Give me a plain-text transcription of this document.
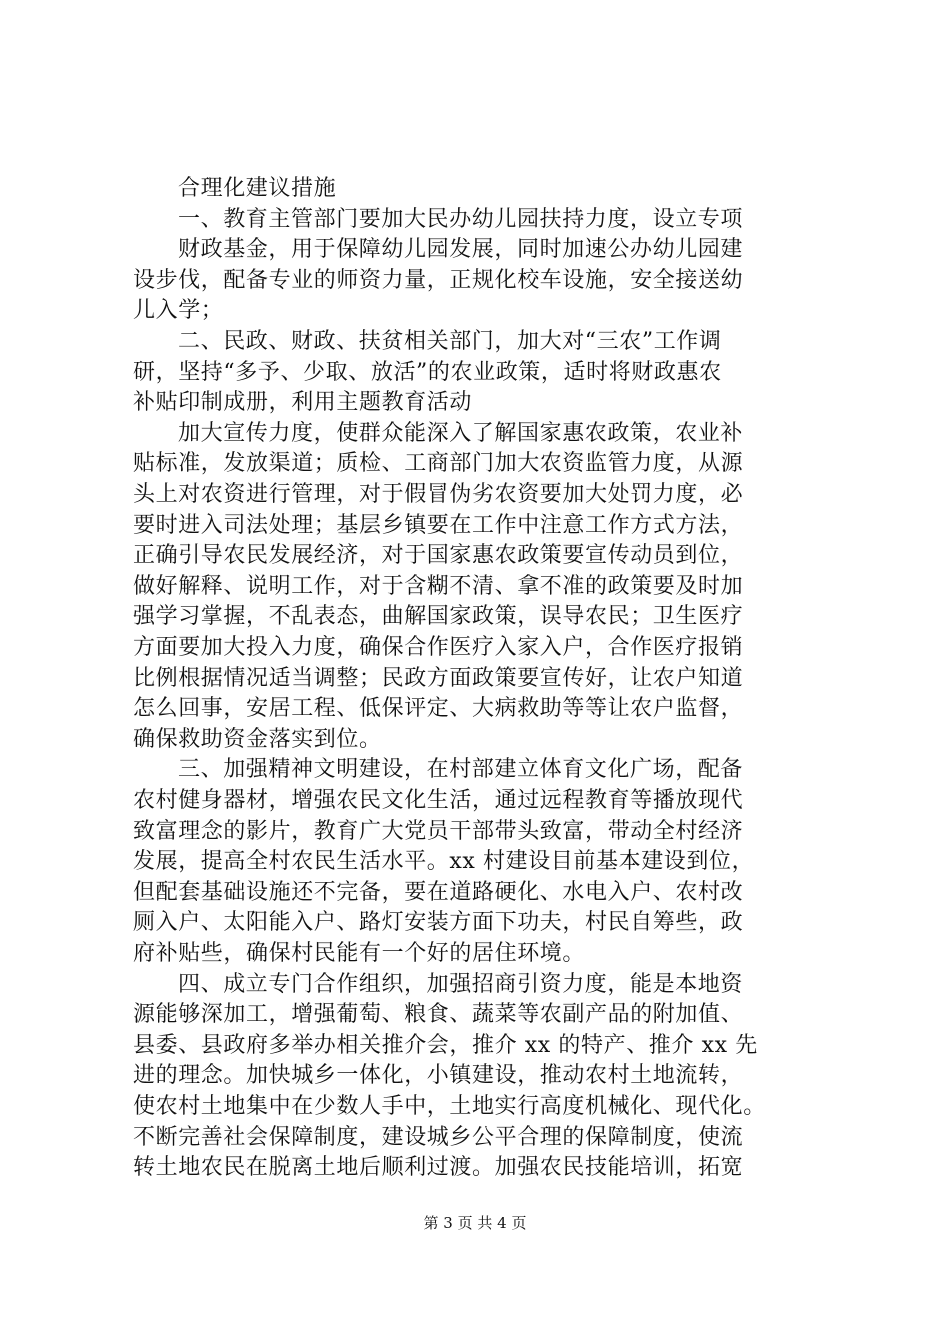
合理化建议措施
一、教育主管部门要加大民办幼儿园扶持力度，设立专项
财政基金，用于保障幼儿园发展，同时加速公办幼儿园建
设步伐，配备专业的师资力量，正规化校车设施，安全接送幼
儿入学；
二、民政、财政、扶贫相关部门，加大对“三农”工作调
研，坚持“多予、少取、放活”的农业政策，适时将财政惠农
补贴印制成册，利用主题教育活动
加大宣传力度，使群众能深入了解国家惠农政策，农业补
贴标准，发放渠道；质检、工商部门加大农资监管力度，从源
头上对农资进行管理，对于假冒伪劣农资要加大处罚力度，必
要时进入司法处理；基层乡镇要在工作中注意工作方式方法，
正确引导农民发展经济，对于国家惠农政策要宣传动员到位，
做好解释、说明工作，对于含糊不清、拿不准的政策要及时加
强学习掌握，不乱表态，曲解国家政策，误导农民；卫生医疗
方面要加大投入力度，确保合作医疗入家入户，合作医疗报销
比例根据情况适当调整；民政方面政策要宣传好，让农户知道
怎么回事，安居工程、低保评定、大病救助等等让农户监督，
确保救助资金落实到位。
三、加强精神文明建设，在村部建立体育文化广场，配备
农村健身器材，增强农民文化生活，通过远程教育等播放现代
致富理念的影片，教育广大党员干部带头致富，带动全村经济
发展，提高全村农民生活水平。xx 村建设目前基本建设到位，
但配套基础设施还不完备，要在道路硬化、水电入户、农村改
厕入户、太阳能入户、路灯安装方面下功夫，村民自筹些，政
府补贴些，确保村民能有一个好的居住环境。
四、成立专门合作组织，加强招商引资力度，能是本地资
源能够深加工，增强葡萄、粮食、蔬菜等农副产品的附加值、
县委、县政府多举办相关推介会，推介 xx 的特产、推介 xx 先
进的理念。加快城乡一体化，小镇建设，推动农村土地流转，
使农村土地集中在少数人手中，土地实行高度机械化、现代化。
不断完善社会保障制度，建设城乡公平合理的保障制度，使流
转土地农民在脱离土地后顺利过渡。加强农民技能培训，拓宽
第 3 页 共 4 页
